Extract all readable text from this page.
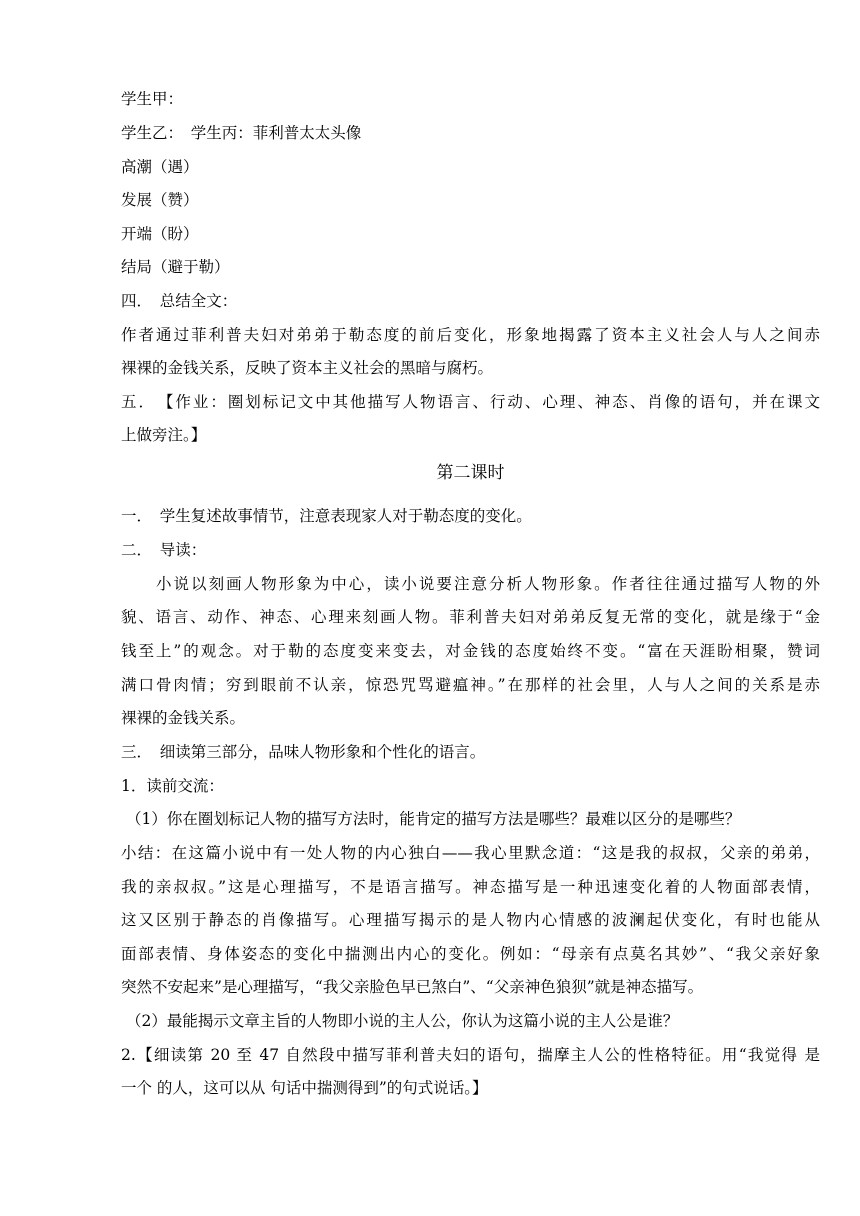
学生甲：
学生乙：　学生丙：菲利普太太头像
高潮（遇）
发展（赞）
开端（盼）
结局（避于勒）
四．　总结全文：
作者通过菲利普夫妇对弟弟于勒态度的前后变化，形象地揭露了资本主义社会人与人之间赤
裸裸的金钱关系，反映了资本主义社会的黑暗与腐朽。
五．　【作业：圈划标记文中其他描写人物语言、行动、心理、神态、肖像的语句，并在课文
上做旁注。】
第二课时
一．　学生复述故事情节，注意表现家人对于勒态度的变化。
二．　导读：
小说以刻画人物形象为中心，读小说要注意分析人物形象。作者往往通过描写人物的外
貌、语言、动作、神态、心理来刻画人物。菲利普夫妇对弟弟反复无常的变化，就是缘于“金
钱至上”的观念。对于勒的态度变来变去，对金钱的态度始终不变。“富在天涯盼相聚，赞词
满口骨肉情；穷到眼前不认亲，惊恐咒骂避瘟神。”在那样的社会里，人与人之间的关系是赤
裸裸的金钱关系。
三．　细读第三部分，品味人物形象和个性化的语言。
1．读前交流：
（1）你在圈划标记人物的描写方法时，能肯定的描写方法是哪些？最难以区分的是哪些？
小结：在这篇小说中有一处人物的内心独白——我心里默念道：“这是我的叔叔，父亲的弟弟，
我的亲叔叔。”这是心理描写，不是语言描写。神态描写是一种迅速变化着的人物面部表情，
这又区别于静态的肖像描写。心理描写揭示的是人物内心情感的波澜起伏变化，有时也能从
面部表情、身体姿态的变化中揣测出内心的变化。例如：“母亲有点莫名其妙”、“我父亲好象
突然不安起来”是心理描写，“我父亲脸色早已煞白”、“父亲神色狼狈”就是神态描写。
（2）最能揭示文章主旨的人物即小说的主人公，你认为这篇小说的主人公是谁？
2.【细读第 20 至 47 自然段中描写菲利普夫妇的语句，揣摩主人公的性格特征。用“我觉得 是
一个 的人，这可以从 句话中揣测得到”的句式说话。】
